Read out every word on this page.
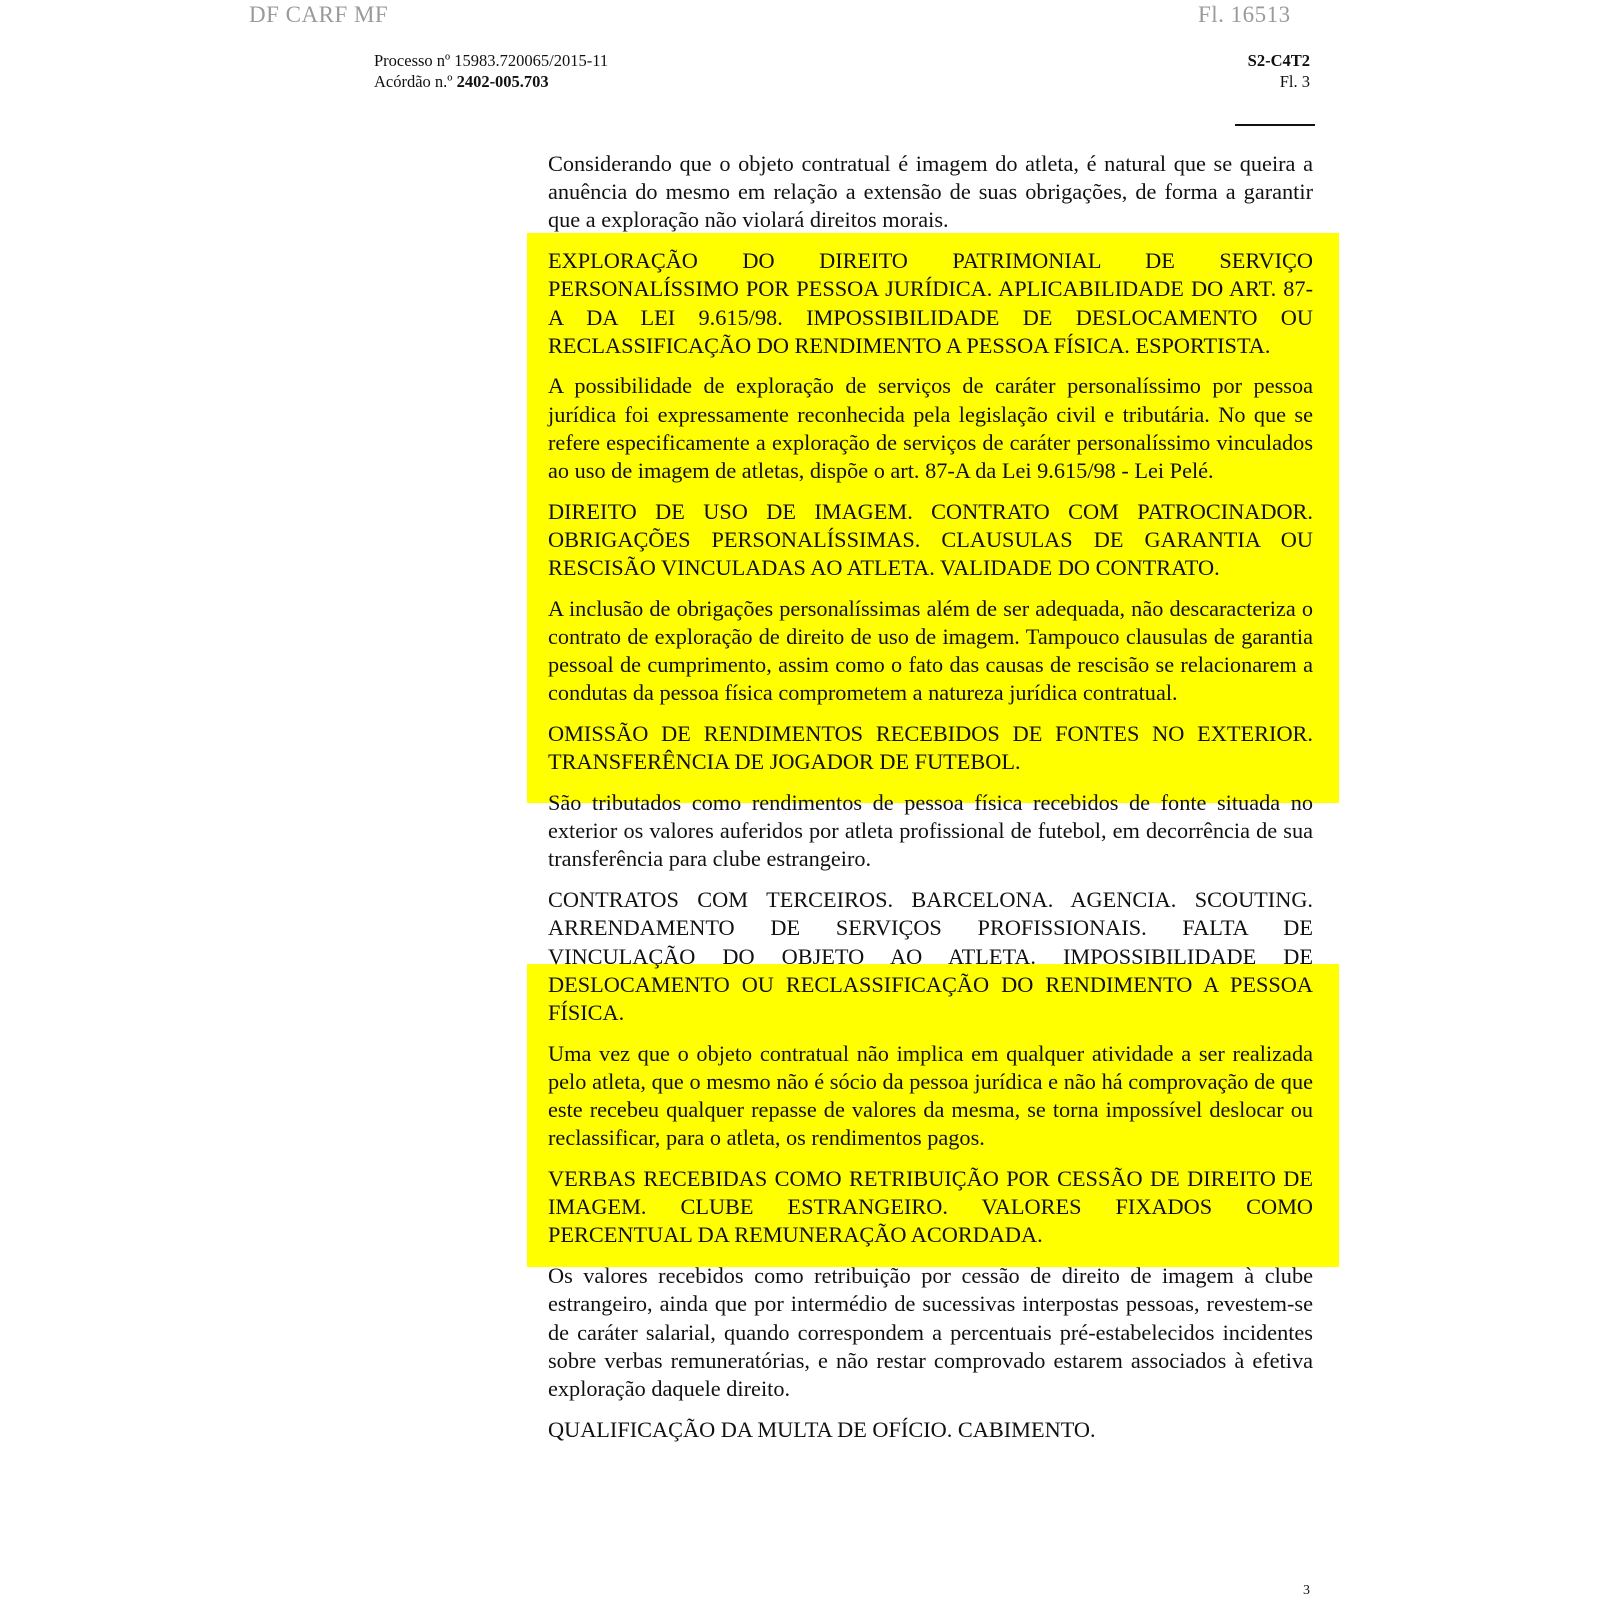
DF CARF MF	Fl. 16513
Processo nº 15983.720065/2015-11
Acórdão n.º 2402-005.703
S2-C4T2
Fl. 3

Considerando que o objeto contratual é imagem do atleta, é natural que se queira a anuência do mesmo em relação a extensão de suas obrigações, de forma a garantir que a exploração não violará direitos morais.

EXPLORAÇÃO DO DIREITO PATRIMONIAL DE SERVIÇO PERSONALÍSSIMO POR PESSOA JURÍDICA. APLICABILIDADE DO ART. 87-A DA LEI 9.615/98. IMPOSSIBILIDADE DE DESLOCAMENTO OU RECLASSIFICAÇÃO DO RENDIMENTO A PESSOA FÍSICA. ESPORTISTA.

A possibilidade de exploração de serviços de caráter personalíssimo por pessoa jurídica foi expressamente reconhecida pela legislação civil e tributária. No que se refere especificamente a exploração de serviços de caráter personalíssimo vinculados ao uso de imagem de atletas, dispõe o art. 87-A da Lei 9.615/98 - Lei Pelé.

DIREITO DE USO DE IMAGEM. CONTRATO COM PATROCINADOR. OBRIGAÇÕES PERSONALÍSSIMAS. CLAUSULAS DE GARANTIA OU RESCISÃO VINCULADAS AO ATLETA. VALIDADE DO CONTRATO.

A inclusão de obrigações personalíssimas além de ser adequada, não descaracteriza o contrato de exploração de direito de uso de imagem. Tampouco clausulas de garantia pessoal de cumprimento, assim como o fato das causas de rescisão se relacionarem a condutas da pessoa física comprometem a natureza jurídica contratual.

OMISSÃO DE RENDIMENTOS RECEBIDOS DE FONTES NO EXTERIOR. TRANSFERÊNCIA DE JOGADOR DE FUTEBOL.

São tributados como rendimentos de pessoa física recebidos de fonte situada no exterior os valores auferidos por atleta profissional de futebol, em decorrência de sua transferência para clube estrangeiro.

CONTRATOS COM TERCEIROS. BARCELONA. AGENCIA. SCOUTING. ARRENDAMENTO DE SERVIÇOS PROFISSIONAIS. FALTA DE VINCULAÇÃO DO OBJETO AO ATLETA. IMPOSSIBILIDADE DE DESLOCAMENTO OU RECLASSIFICAÇÃO DO RENDIMENTO A PESSOA FÍSICA.

Uma vez que o objeto contratual não implica em qualquer atividade a ser realizada pelo atleta, que o mesmo não é sócio da pessoa jurídica e não há comprovação de que este recebeu qualquer repasse de valores da mesma, se torna impossível deslocar ou reclassificar, para o atleta, os rendimentos pagos.

VERBAS RECEBIDAS COMO RETRIBUIÇÃO POR CESSÃO DE DIREITO DE IMAGEM. CLUBE ESTRANGEIRO. VALORES FIXADOS COMO PERCENTUAL DA REMUNERAÇÃO ACORDADA.

Os valores recebidos como retribuição por cessão de direito de imagem à clube estrangeiro, ainda que por intermédio de sucessivas interpostas pessoas, revestem-se de caráter salarial, quando correspondem a percentuais pré-estabelecidos incidentes sobre verbas remuneratórias, e não restar comprovado estarem associados à efetiva exploração daquele direito.

QUALIFICAÇÃO DA MULTA DE OFÍCIO. CABIMENTO.

3
